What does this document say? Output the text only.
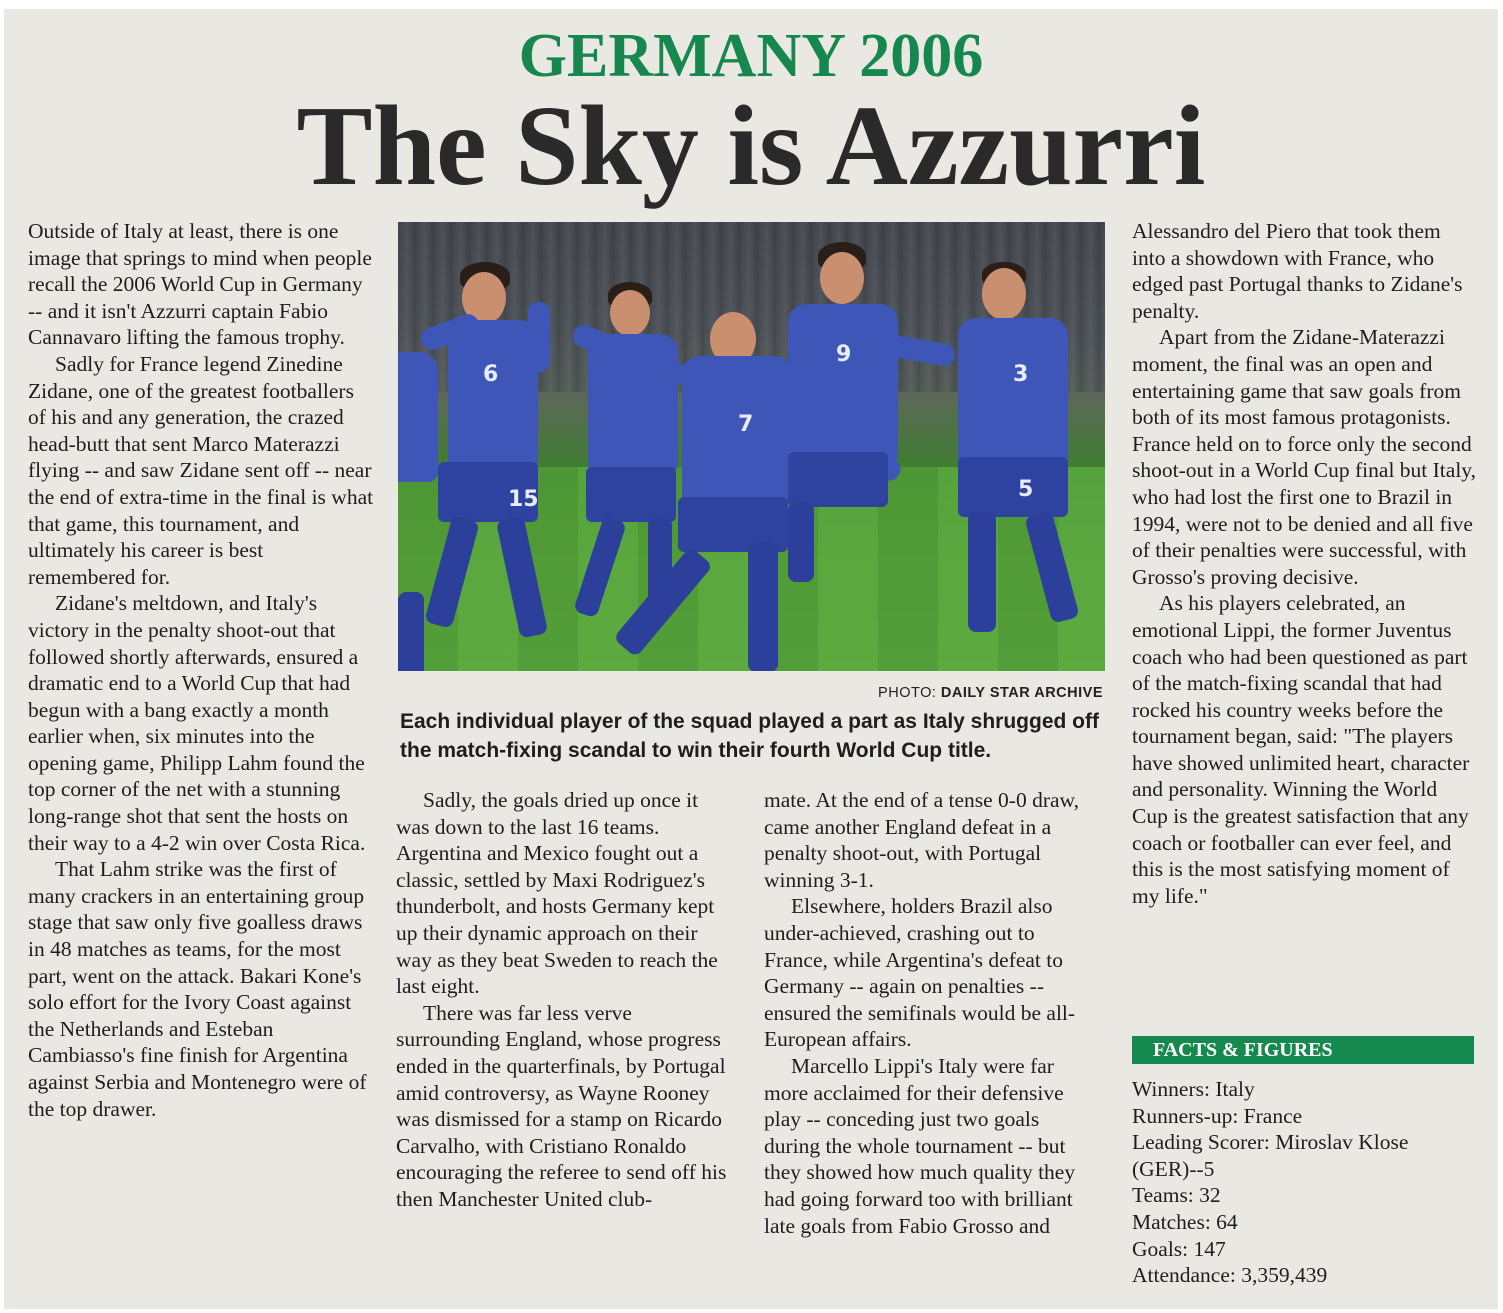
GERMANY 2006
The Sky is Azzurri

Outside of Italy at least, there is one image that springs to mind when people recall the 2006 World Cup in Germany -- and it isn't Azzurri captain Fabio Cannavaro lifting the famous trophy.

Sadly for France legend Zinedine Zidane, one of the greatest footballers of his and any generation, the crazed head-butt that sent Marco Materazzi flying -- and saw Zidane sent off -- near the end of extra-time in the final is what that game, this tournament, and ultimately his career is best remembered for.

Zidane's meltdown, and Italy's victory in the penalty shoot-out that followed shortly afterwards, ensured a dramatic end to a World Cup that had begun with a bang exactly a month earlier when, six minutes into the opening game, Philipp Lahm found the top corner of the net with a stunning long-range shot that sent the hosts on their way to a 4-2 win over Costa Rica.

That Lahm strike was the first of many crackers in an entertaining group stage that saw only five goalless draws in 48 matches as teams, for the most part, went on the attack. Bakari Kone's solo effort for the Ivory Coast against the Netherlands and Esteban Cambiasso's fine finish for Argentina against Serbia and Montenegro were of the top drawer.

6
15
7
9
3
5
PHOTO: DAILY STAR ARCHIVE
Each individual player of the squad played a part as Italy shrugged off the match-fixing scandal to win their fourth World Cup title.

Sadly, the goals dried up once it was down to the last 16 teams. Argentina and Mexico fought out a classic, settled by Maxi Rodriguez's thunderbolt, and hosts Germany kept up their dynamic approach on their way as they beat Sweden to reach the last eight.

There was far less verve surrounding England, whose progress ended in the quarterfinals, by Portugal amid controversy, as Wayne Rooney was dismissed for a stamp on Ricardo Carvalho, with Cristiano Ronaldo encouraging the referee to send off his then Manchester United club-

mate. At the end of a tense 0-0 draw, came another England defeat in a penalty shoot-out, with Portugal winning 3-1.

Elsewhere, holders Brazil also under-achieved, crashing out to France, while Argentina's defeat to Germany -- again on penalties -- ensured the semifinals would be all-European affairs.

Marcello Lippi's Italy were far more acclaimed for their defensive play -- conceding just two goals during the whole tournament -- but they showed how much quality they had going forward too with brilliant late goals from Fabio Grosso and

Alessandro del Piero that took them into a showdown with France, who edged past Portugal thanks to Zidane's penalty.

Apart from the Zidane-Materazzi moment, the final was an open and entertaining game that saw goals from both of its most famous protagonists. France held on to force only the second shoot-out in a World Cup final but Italy, who had lost the first one to Brazil in 1994, were not to be denied and all five of their penalties were successful, with Grosso's proving decisive.

As his players celebrated, an emotional Lippi, the former Juventus coach who had been questioned as part of the match-fixing scandal that had rocked his country weeks before the tournament began, said: "The players have showed unlimited heart, character and personality. Winning the World Cup is the greatest satisfaction that any coach or footballer can ever feel, and this is the most satisfying moment of my life."

FACTS & FIGURES
Winners: Italy
Runners-up: France
Leading Scorer: Miroslav Klose (GER)--5
Teams: 32
Matches: 64
Goals: 147
Attendance: 3,359,439
